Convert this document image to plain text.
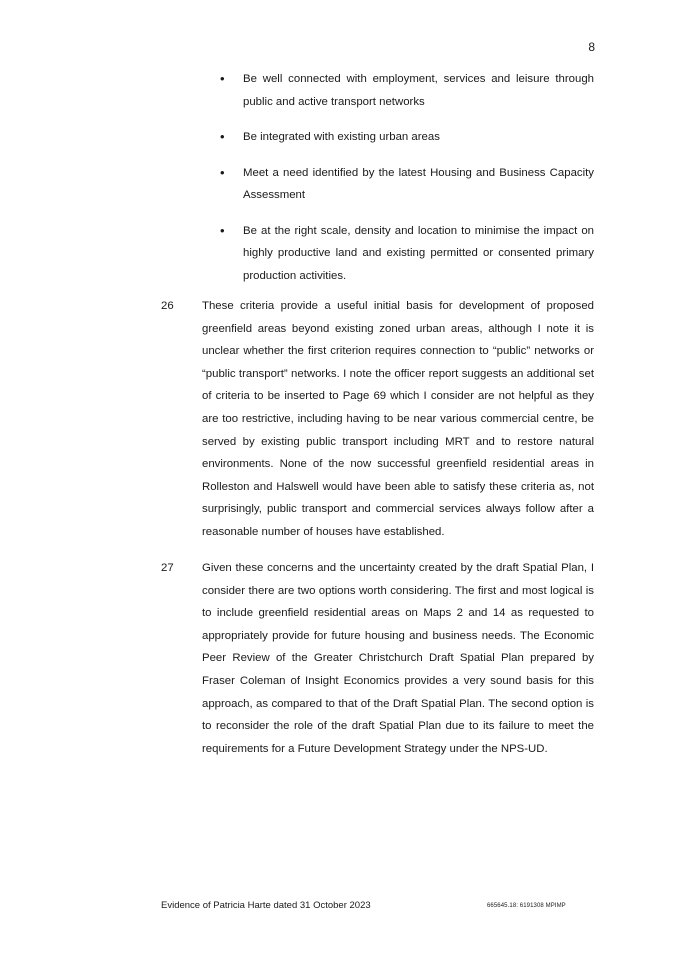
8
• Be well connected with employment, services and leisure through public and active transport networks
• Be integrated with existing urban areas
• Meet a need identified by the latest Housing and Business Capacity Assessment
• Be at the right scale, density and location to minimise the impact on highly productive land and existing permitted or consented primary production activities.
26 These criteria provide a useful initial basis for development of proposed greenfield areas beyond existing zoned urban areas, although I note it is unclear whether the first criterion requires connection to “public” networks or “public transport” networks. I note the officer report suggests an additional set of criteria to be inserted to Page 69 which I consider are not helpful as they are too restrictive, including having to be near various commercial centre, be served by existing public transport including MRT and to restore natural environments. None of the now successful greenfield residential areas in Rolleston and Halswell would have been able to satisfy these criteria as, not surprisingly, public transport and commercial services always follow after a reasonable number of houses have established.
27 Given these concerns and the uncertainty created by the draft Spatial Plan, I consider there are two options worth considering. The first and most logical is to include greenfield residential areas on Maps 2 and 14 as requested to appropriately provide for future housing and business needs. The Economic Peer Review of the Greater Christchurch Draft Spatial Plan prepared by Fraser Coleman of Insight Economics provides a very sound basis for this approach, as compared to that of the Draft Spatial Plan. The second option is to reconsider the role of the draft Spatial Plan due to its failure to meet the requirements for a Future Development Strategy under the NPS-UD.
Evidence of Patricia Harte dated 31 October 2023	665645.18: 6191308 MPIMP
